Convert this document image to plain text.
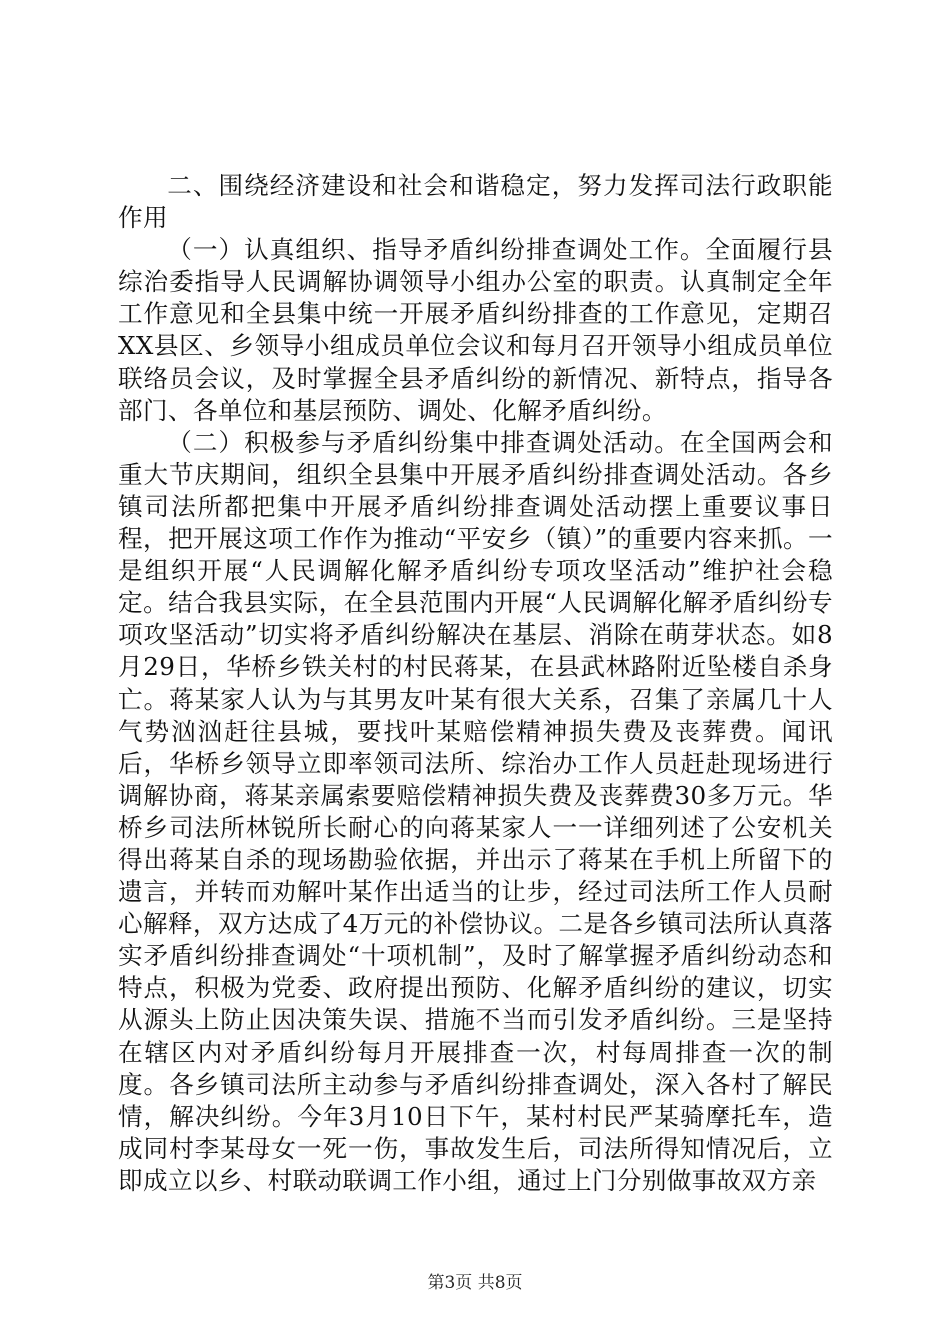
二、围绕经济建设和社会和谐稳定，努力发挥司法行政职能作用

（一）认真组织、指导矛盾纠纷排查调处工作。全面履行县综治委指导人民调解协调领导小组办公室的职责。认真制定全年工作意见和全县集中统一开展矛盾纠纷排查的工作意见，定期召XX县区、乡领导小组成员单位会议和每月召开领导小组成员单位联络员会议，及时掌握全县矛盾纠纷的新情况、新特点，指导各部门、各单位和基层预防、调处、化解矛盾纠纷。

（二）积极参与矛盾纠纷集中排查调处活动。在全国两会和重大节庆期间，组织全县集中开展矛盾纠纷排查调处活动。各乡镇司法所都把集中开展矛盾纠纷排查调处活动摆上重要议事日程，把开展这项工作作为推动“平安乡（镇）”的重要内容来抓。一是组织开展“人民调解化解矛盾纠纷专项攻坚活动”维护社会稳定。结合我县实际，在全县范围内开展“人民调解化解矛盾纠纷专项攻坚活动”切实将矛盾纠纷解决在基层、消除在萌芽状态。如8月29日，华桥乡铁关村的村民蒋某，在县武林路附近坠楼自杀身亡。蒋某家人认为与其男友叶某有很大关系，召集了亲属几十人气势汹汹赶往县城，要找叶某赔偿精神损失费及丧葬费。闻讯后，华桥乡领导立即率领司法所、综治办工作人员赶赴现场进行调解协商，蒋某亲属索要赔偿精神损失费及丧葬费30多万元。华桥乡司法所林锐所长耐心的向蒋某家人一一详细列述了公安机关得出蒋某自杀的现场勘验依据，并出示了蒋某在手机上所留下的遗言，并转而劝解叶某作出适当的让步，经过司法所工作人员耐心解释，双方达成了4万元的补偿协议。二是各乡镇司法所认真落实矛盾纠纷排查调处“十项机制”，及时了解掌握矛盾纠纷动态和特点，积极为党委、政府提出预防、化解矛盾纠纷的建议，切实从源头上防止因决策失误、措施不当而引发矛盾纠纷。三是坚持在辖区内对矛盾纠纷每月开展排查一次，村每周排查一次的制度。各乡镇司法所主动参与矛盾纠纷排查调处，深入各村了解民情，解决纠纷。今年3月10日下午，某村村民严某骑摩托车，造成同村李某母女一死一伤，事故发生后，司法所得知情况后，立即成立以乡、村联动联调工作小组，通过上门分别做事故双方亲

第3页 共8页
